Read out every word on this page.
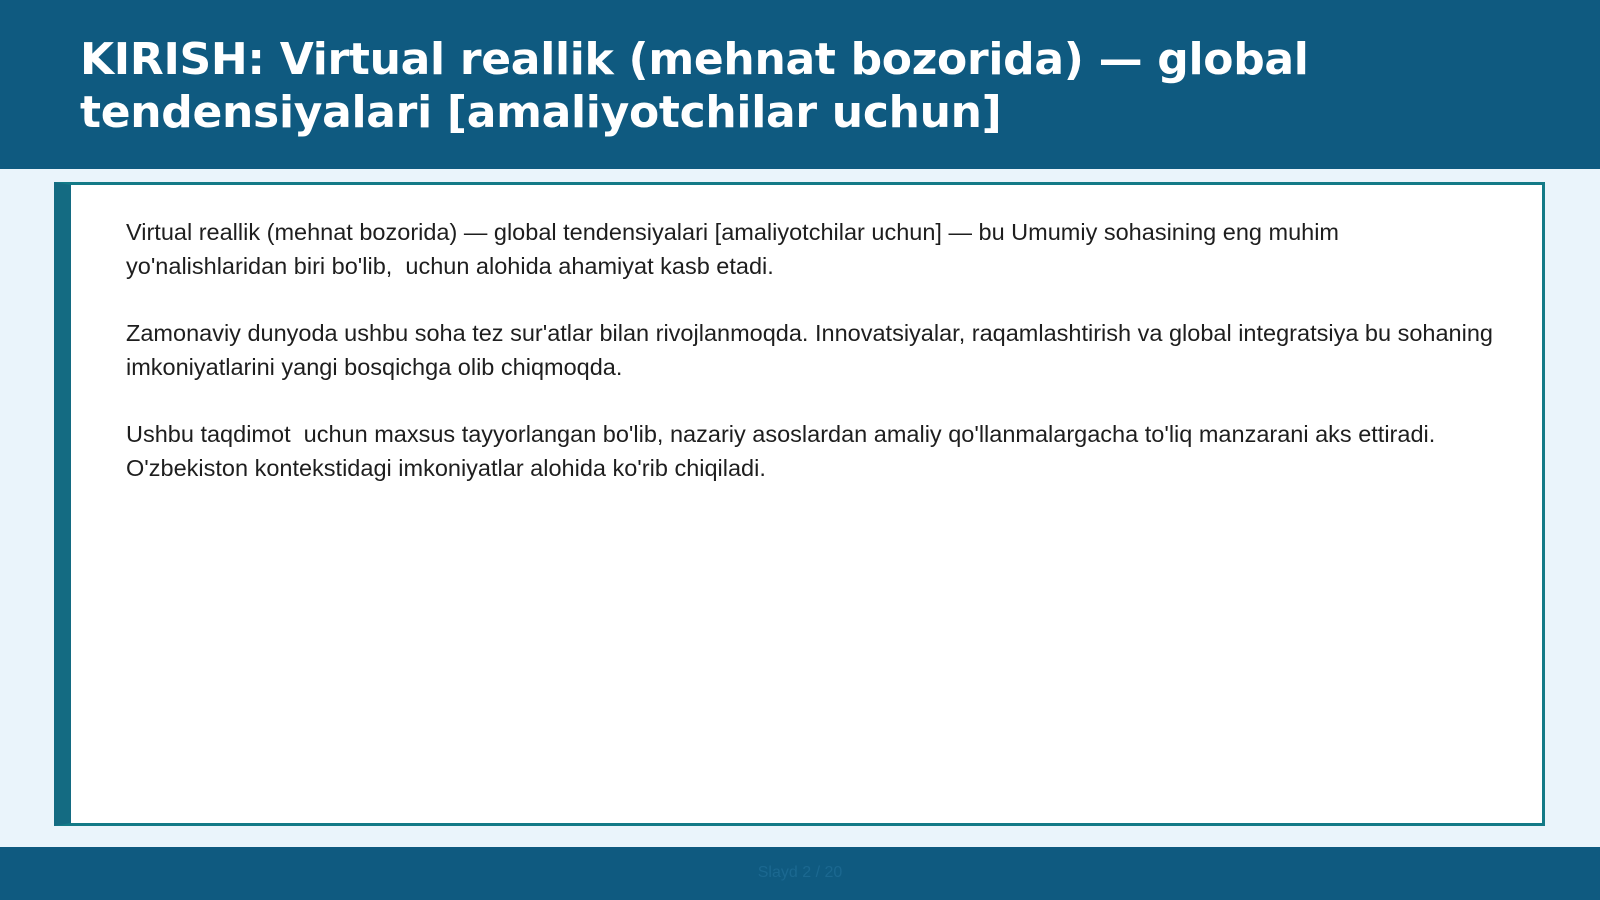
KIRISH: Virtual reallik (mehnat bozorida) — global tendensiyalari [amaliyotchilar uchun]

Virtual reallik (mehnat bozorida) — global tendensiyalari [amaliyotchilar uchun] — bu Umumiy sohasining eng muhim yo'nalishlaridan biri bo'lib,  uchun alohida ahamiyat kasb etadi.

Zamonaviy dunyoda ushbu soha tez sur'atlar bilan rivojlanmoqda. Innovatsiyalar, raqamlashtirish va global integratsiya bu sohaning imkoniyatlarini yangi bosqichga olib chiqmoqda.

Ushbu taqdimot  uchun maxsus tayyorlangan bo'lib, nazariy asoslardan amaliy qo'llanmalargacha to'liq manzarani aks ettiradi. O'zbekiston kontekstidagi imkoniyatlar alohida ko'rib chiqiladi.

Slayd 2 / 20
